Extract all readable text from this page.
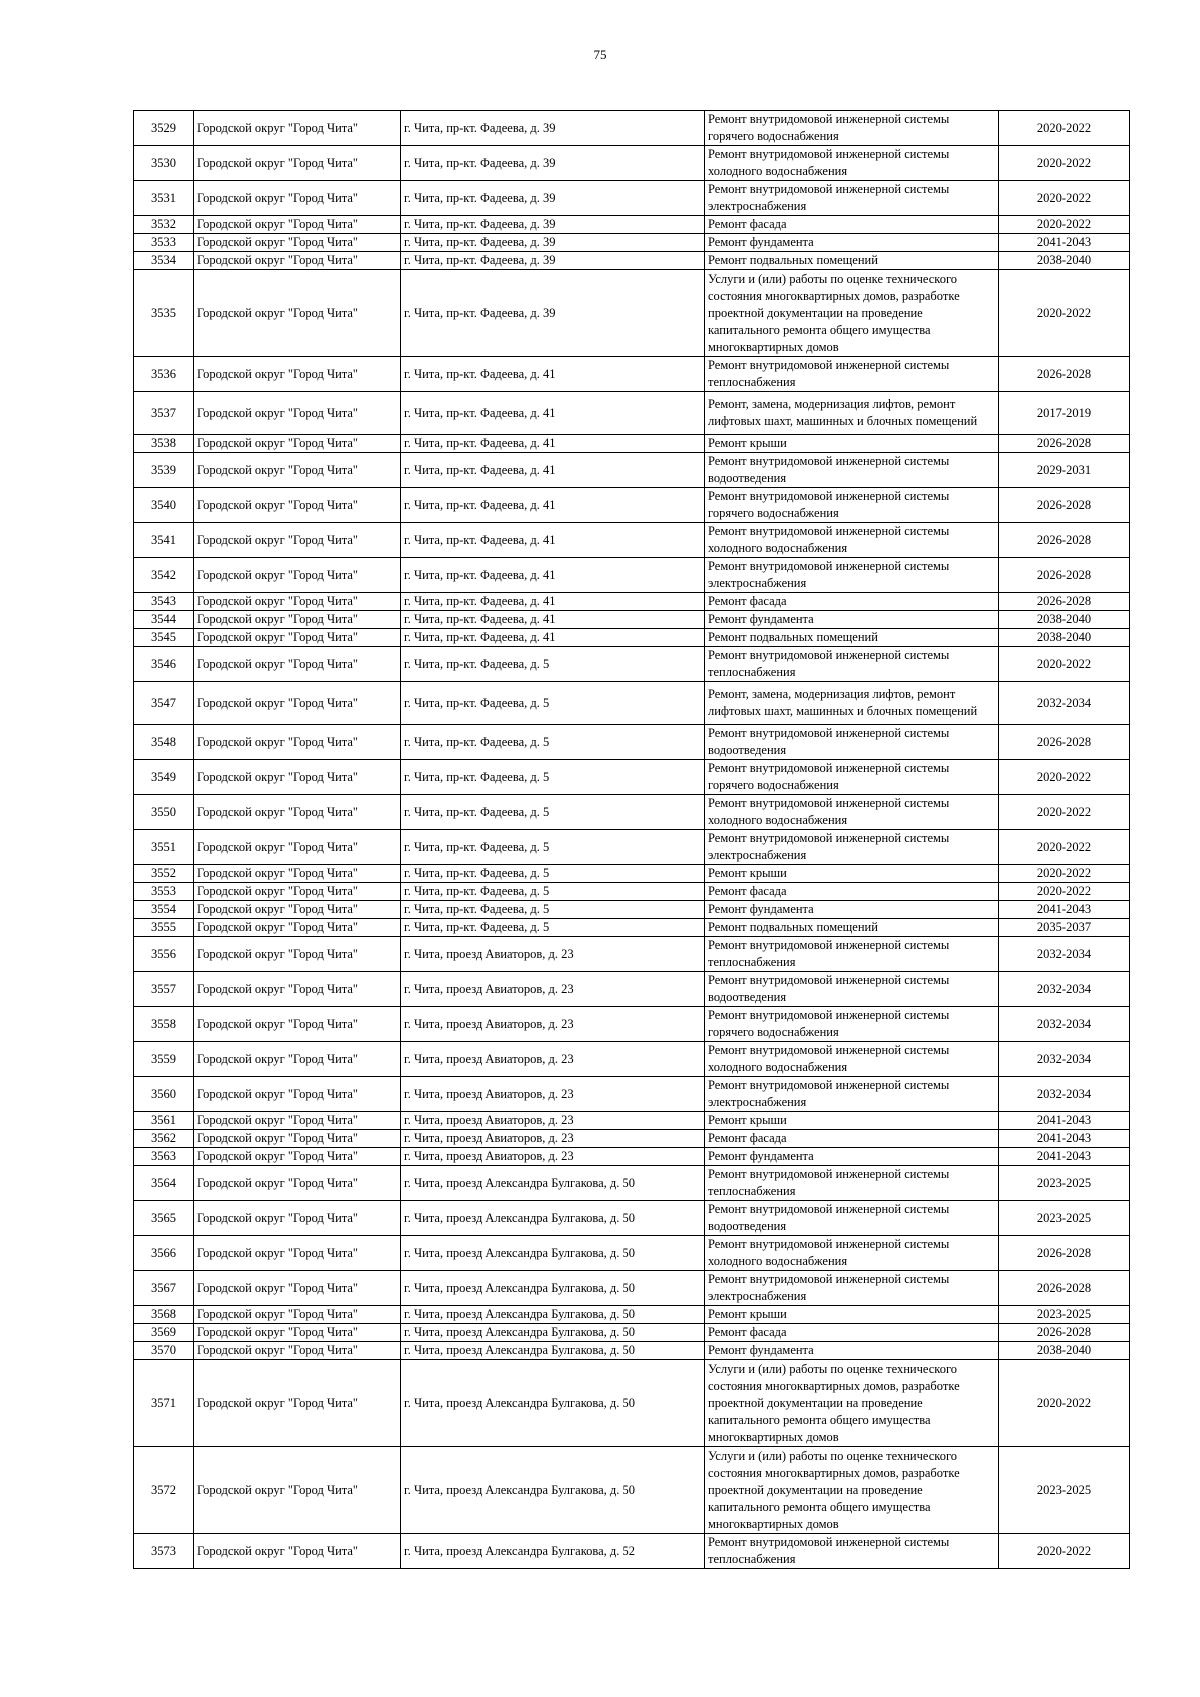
75
3529	Городской округ "Город Чита"	г. Чита, пр-кт. Фадеева, д. 39	Ремонт внутридомовой инженерной системы горячего водоснабжения	2020-2022
3530	Городской округ "Город Чита"	г. Чита, пр-кт. Фадеева, д. 39	Ремонт внутридомовой инженерной системы холодного водоснабжения	2020-2022
3531	Городской округ "Город Чита"	г. Чита, пр-кт. Фадеева, д. 39	Ремонт внутридомовой инженерной системы электроснабжения	2020-2022
3532	Городской округ "Город Чита"	г. Чита, пр-кт. Фадеева, д. 39	Ремонт фасада	2020-2022
3533	Городской округ "Город Чита"	г. Чита, пр-кт. Фадеева, д. 39	Ремонт фундамента	2041-2043
3534	Городской округ "Город Чита"	г. Чита, пр-кт. Фадеева, д. 39	Ремонт подвальных помещений	2038-2040
3535	Городской округ "Город Чита"	г. Чита, пр-кт. Фадеева, д. 39	Услуги и (или) работы по оценке технического состояния многоквартирных домов, разработке проектной документации на проведение капитального ремонта общего имущества многоквартирных домов	2020-2022
3536	Городской округ "Город Чита"	г. Чита, пр-кт. Фадеева, д. 41	Ремонт внутридомовой инженерной системы теплоснабжения	2026-2028
3537	Городской округ "Город Чита"	г. Чита, пр-кт. Фадеева, д. 41	Ремонт, замена, модернизация лифтов, ремонт лифтовых шахт, машинных и блочных помещений	2017-2019
3538	Городской округ "Город Чита"	г. Чита, пр-кт. Фадеева, д. 41	Ремонт крыши	2026-2028
3539	Городской округ "Город Чита"	г. Чита, пр-кт. Фадеева, д. 41	Ремонт внутридомовой инженерной системы водоотведения	2029-2031
3540	Городской округ "Город Чита"	г. Чита, пр-кт. Фадеева, д. 41	Ремонт внутридомовой инженерной системы горячего водоснабжения	2026-2028
3541	Городской округ "Город Чита"	г. Чита, пр-кт. Фадеева, д. 41	Ремонт внутридомовой инженерной системы холодного водоснабжения	2026-2028
3542	Городской округ "Город Чита"	г. Чита, пр-кт. Фадеева, д. 41	Ремонт внутридомовой инженерной системы электроснабжения	2026-2028
3543	Городской округ "Город Чита"	г. Чита, пр-кт. Фадеева, д. 41	Ремонт фасада	2026-2028
3544	Городской округ "Город Чита"	г. Чита, пр-кт. Фадеева, д. 41	Ремонт фундамента	2038-2040
3545	Городской округ "Город Чита"	г. Чита, пр-кт. Фадеева, д. 41	Ремонт подвальных помещений	2038-2040
3546	Городской округ "Город Чита"	г. Чита, пр-кт. Фадеева, д. 5	Ремонт внутридомовой инженерной системы теплоснабжения	2020-2022
3547	Городской округ "Город Чита"	г. Чита, пр-кт. Фадеева, д. 5	Ремонт, замена, модернизация лифтов, ремонт лифтовых шахт, машинных и блочных помещений	2032-2034
3548	Городской округ "Город Чита"	г. Чита, пр-кт. Фадеева, д. 5	Ремонт внутридомовой инженерной системы водоотведения	2026-2028
3549	Городской округ "Город Чита"	г. Чита, пр-кт. Фадеева, д. 5	Ремонт внутридомовой инженерной системы горячего водоснабжения	2020-2022
3550	Городской округ "Город Чита"	г. Чита, пр-кт. Фадеева, д. 5	Ремонт внутридомовой инженерной системы холодного водоснабжения	2020-2022
3551	Городской округ "Город Чита"	г. Чита, пр-кт. Фадеева, д. 5	Ремонт внутридомовой инженерной системы электроснабжения	2020-2022
3552	Городской округ "Город Чита"	г. Чита, пр-кт. Фадеева, д. 5	Ремонт крыши	2020-2022
3553	Городской округ "Город Чита"	г. Чита, пр-кт. Фадеева, д. 5	Ремонт фасада	2020-2022
3554	Городской округ "Город Чита"	г. Чита, пр-кт. Фадеева, д. 5	Ремонт фундамента	2041-2043
3555	Городской округ "Город Чита"	г. Чита, пр-кт. Фадеева, д. 5	Ремонт подвальных помещений	2035-2037
3556	Городской округ "Город Чита"	г. Чита, проезд Авиаторов, д. 23	Ремонт внутридомовой инженерной системы теплоснабжения	2032-2034
3557	Городской округ "Город Чита"	г. Чита, проезд Авиаторов, д. 23	Ремонт внутридомовой инженерной системы водоотведения	2032-2034
3558	Городской округ "Город Чита"	г. Чита, проезд Авиаторов, д. 23	Ремонт внутридомовой инженерной системы горячего водоснабжения	2032-2034
3559	Городской округ "Город Чита"	г. Чита, проезд Авиаторов, д. 23	Ремонт внутридомовой инженерной системы холодного водоснабжения	2032-2034
3560	Городской округ "Город Чита"	г. Чита, проезд Авиаторов, д. 23	Ремонт внутридомовой инженерной системы электроснабжения	2032-2034
3561	Городской округ "Город Чита"	г. Чита, проезд Авиаторов, д. 23	Ремонт крыши	2041-2043
3562	Городской округ "Город Чита"	г. Чита, проезд Авиаторов, д. 23	Ремонт фасада	2041-2043
3563	Городской округ "Город Чита"	г. Чита, проезд Авиаторов, д. 23	Ремонт фундамента	2041-2043
3564	Городской округ "Город Чита"	г. Чита, проезд Александра Булгакова, д. 50	Ремонт внутридомовой инженерной системы теплоснабжения	2023-2025
3565	Городской округ "Город Чита"	г. Чита, проезд Александра Булгакова, д. 50	Ремонт внутридомовой инженерной системы водоотведения	2023-2025
3566	Городской округ "Город Чита"	г. Чита, проезд Александра Булгакова, д. 50	Ремонт внутридомовой инженерной системы холодного водоснабжения	2026-2028
3567	Городской округ "Город Чита"	г. Чита, проезд Александра Булгакова, д. 50	Ремонт внутридомовой инженерной системы электроснабжения	2026-2028
3568	Городской округ "Город Чита"	г. Чита, проезд Александра Булгакова, д. 50	Ремонт крыши	2023-2025
3569	Городской округ "Город Чита"	г. Чита, проезд Александра Булгакова, д. 50	Ремонт фасада	2026-2028
3570	Городской округ "Город Чита"	г. Чита, проезд Александра Булгакова, д. 50	Ремонт фундамента	2038-2040
3571	Городской округ "Город Чита"	г. Чита, проезд Александра Булгакова, д. 50	Услуги и (или) работы по оценке технического состояния многоквартирных домов, разработке проектной документации на проведение капитального ремонта общего имущества многоквартирных домов	2020-2022
3572	Городской округ "Город Чита"	г. Чита, проезд Александра Булгакова, д. 50	Услуги и (или) работы по оценке технического состояния многоквартирных домов, разработке проектной документации на проведение капитального ремонта общего имущества многоквартирных домов	2023-2025
3573	Городской округ "Город Чита"	г. Чита, проезд Александра Булгакова, д. 52	Ремонт внутридомовой инженерной системы теплоснабжения	2020-2022
